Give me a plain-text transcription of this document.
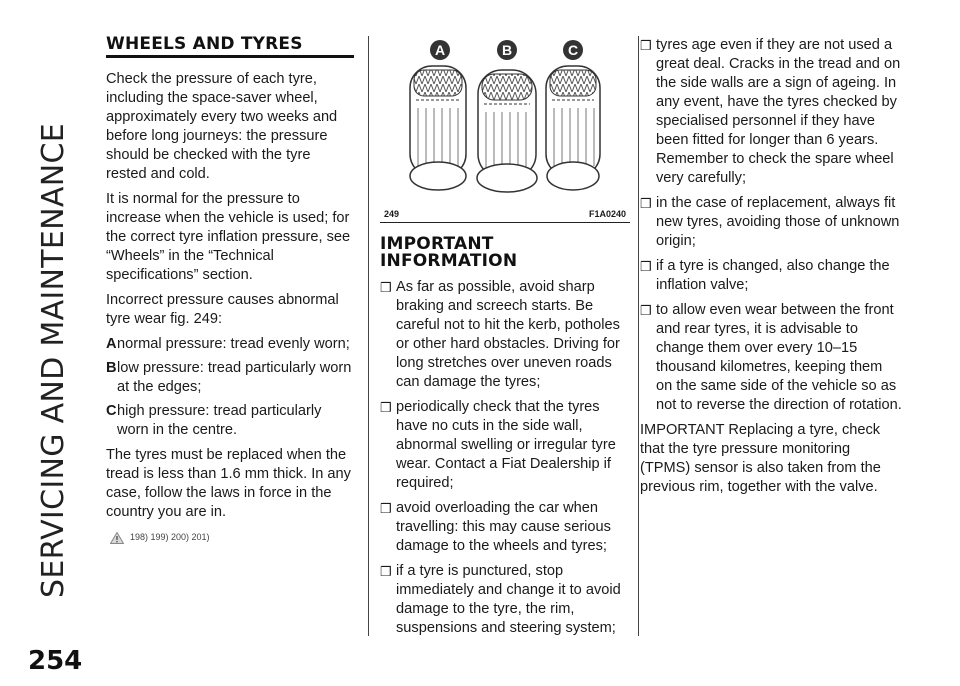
SERVICING AND MAINTENANCE
254
WHEELS AND TYRES

Check the pressure of each tyre, including the space-saver wheel, approximately every two weeks and before long journeys: the pressure should be checked with the tyre rested and cold.

It is normal for the pressure to increase when the vehicle is used; for the correct tyre inflation pressure, see “Wheels” in the “Technical specifications” section.

Incorrect pressure causes abnormal tyre wear fig. 249:

A normal pressure: tread evenly worn;
B low pressure: tread particularly worn at the edges;
C high pressure: tread particularly worn in the centre.

The tyres must be replaced when the tread is less than 1.6 mm thick. In any case, follow the laws in force in the country you are in.

198) 199) 200) 201)
A	B	C
249	F1A0240
IMPORTANT INFORMATION
❒ As far as possible, avoid sharp braking and screech starts. Be careful not to hit the kerb, potholes or other hard obstacles. Driving for long stretches over uneven roads can damage the tyres;
❒ periodically check that the tyres have no cuts in the side wall, abnormal swelling or irregular tyre wear. Contact a Fiat Dealership if required;
❒ avoid overloading the car when travelling: this may cause serious damage to the wheels and tyres;
❒ if a tyre is punctured, stop immediately and change it to avoid damage to the tyre, the rim, suspensions and steering system;
❒ tyres age even if they are not used a great deal. Cracks in the tread and on the side walls are a sign of ageing. In any event, have the tyres checked by specialised personnel if they have been fitted for longer than 6 years. Remember to check the spare wheel very carefully;
❒ in the case of replacement, always fit new tyres, avoiding those of unknown origin;
❒ if a tyre is changed, also change the inflation valve;
❒ to allow even wear between the front and rear tyres, it is advisable to change them over every 10–15 thousand kilometres, keeping them on the same side of the vehicle so as not to reverse the direction of rotation.

IMPORTANT Replacing a tyre, check that the tyre pressure monitoring (TPMS) sensor is also taken from the previous rim, together with the valve.
